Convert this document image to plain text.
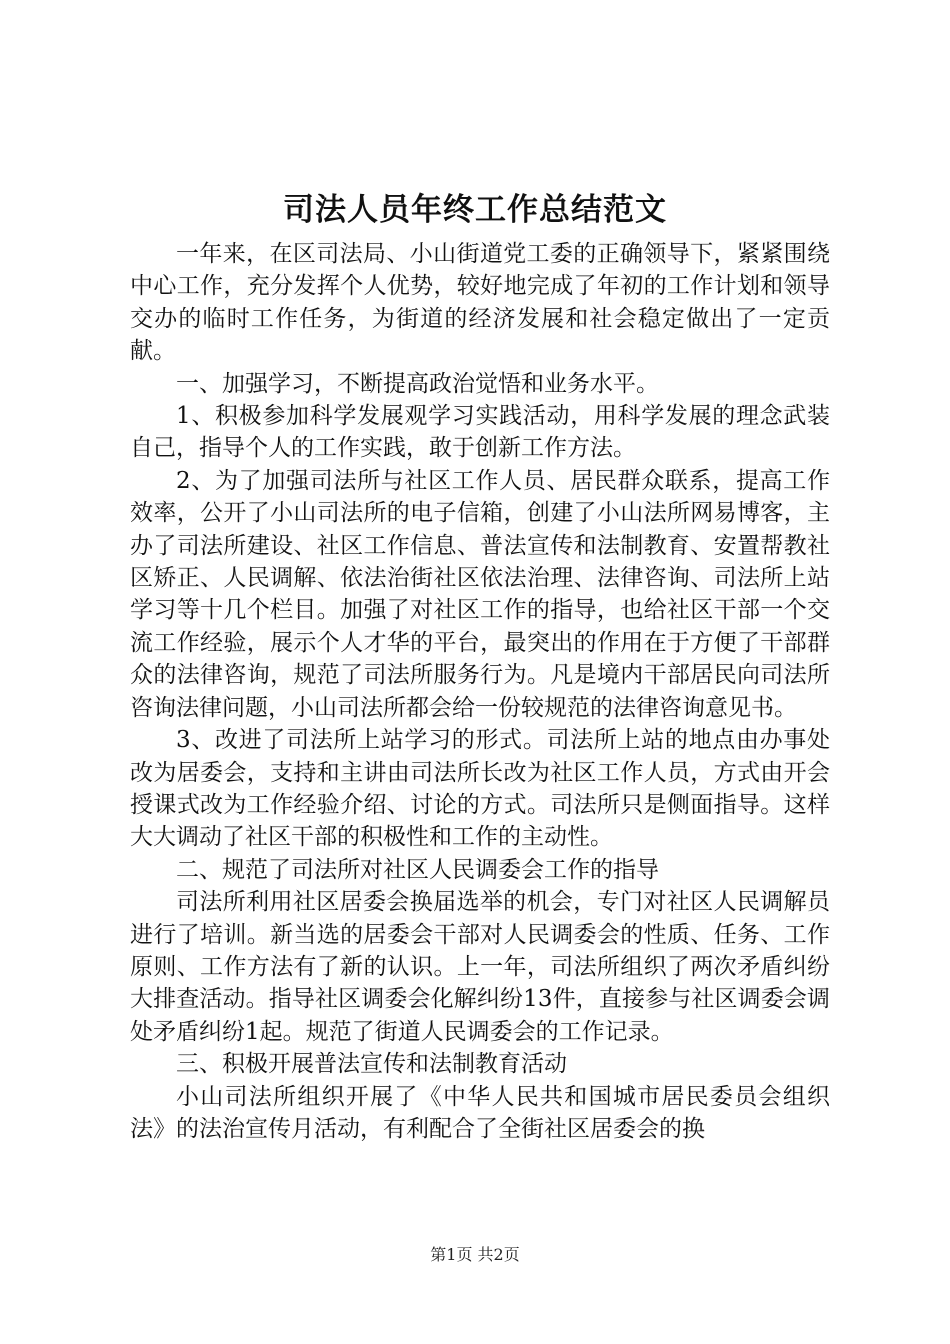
司法人员年终工作总结范文

一年来，在区司法局、小山街道党工委的正确领导下，紧紧围绕中心工作，充分发挥个人优势，较好地完成了年初的工作计划和领导交办的临时工作任务，为街道的经济发展和社会稳定做出了一定贡献。

一、加强学习，不断提高政治觉悟和业务水平。

1、积极参加科学发展观学习实践活动，用科学发展的理念武装自己，指导个人的工作实践，敢于创新工作方法。

2、为了加强司法所与社区工作人员、居民群众联系，提高工作效率，公开了小山司法所的电子信箱，创建了小山法所网易博客，主办了司法所建设、社区工作信息、普法宣传和法制教育、安置帮教社区矫正、人民调解、依法治街社区依法治理、法律咨询、司法所上站学习等十几个栏目。加强了对社区工作的指导，也给社区干部一个交流工作经验，展示个人才华的平台，最突出的作用在于方便了干部群众的法律咨询，规范了司法所服务行为。凡是境内干部居民向司法所咨询法律问题，小山司法所都会给一份较规范的法律咨询意见书。

3、改进了司法所上站学习的形式。司法所上站的地点由办事处改为居委会，支持和主讲由司法所长改为社区工作人员，方式由开会授课式改为工作经验介绍、讨论的方式。司法所只是侧面指导。这样大大调动了社区干部的积极性和工作的主动性。

二、规范了司法所对社区人民调委会工作的指导

司法所利用社区居委会换届选举的机会，专门对社区人民调解员进行了培训。新当选的居委会干部对人民调委会的性质、任务、工作原则、工作方法有了新的认识。上一年，司法所组织了两次矛盾纠纷大排查活动。指导社区调委会化解纠纷13件，直接参与社区调委会调处矛盾纠纷1起。规范了街道人民调委会的工作记录。

三、积极开展普法宣传和法制教育活动

小山司法所组织开展了《中华人民共和国城市居民委员会组织法》的法治宣传月活动，有利配合了全街社区居委会的换

第1页 共2页
